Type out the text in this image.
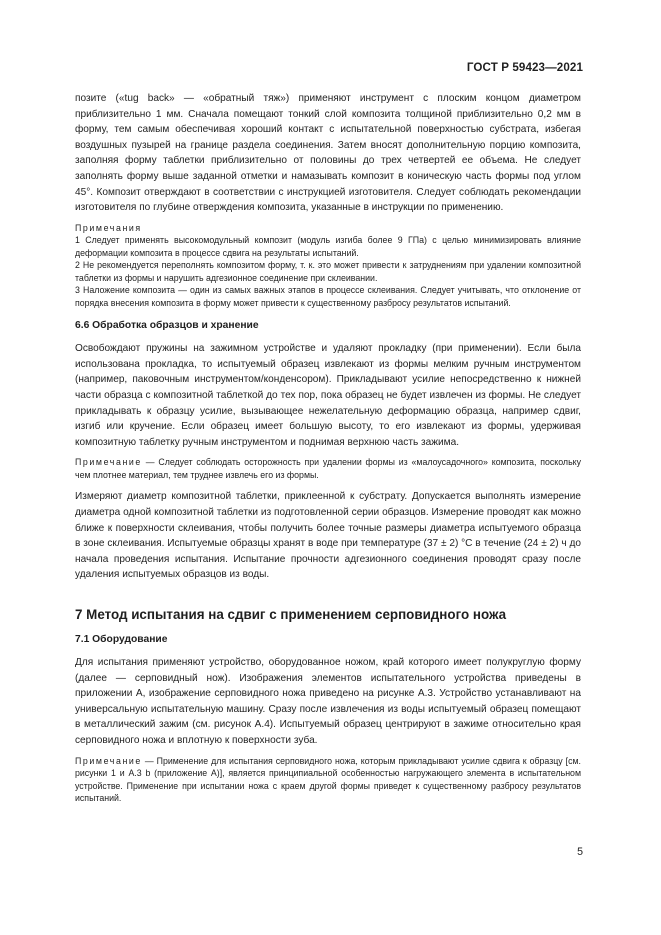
ГОСТ Р 59423—2021

позите («tug back» — «обратный тяж») применяют инструмент с плоским концом диаметром приблизительно 1 мм. Сначала помещают тонкий слой композита толщиной приблизительно 0,2 мм в форму, тем самым обеспечивая хороший контакт с испытательной поверхностью субстрата, избегая воздушных пузырей на границе раздела соединения. Затем вносят дополнительную порцию композита, заполняя форму таблетки приблизительно от половины до трех четвертей ее объема. Не следует заполнять форму выше заданной отметки и намазывать композит в коническую часть формы под углом 45°. Композит отверждают в соответствии с инструкцией изготовителя. Следует соблюдать рекомендации изготовителя по глубине отверждения композита, указанные в инструкции по применению.

Примечания

1 Следует применять высокомодульный композит (модуль изгиба более 9 ГПа) с целью минимизировать влияние деформации композита в процессе сдвига на результаты испытаний.

2 Не рекомендуется переполнять композитом форму, т. к. это может привести к затруднениям при удалении композитной таблетки из формы и нарушить адгезионное соединение при склеивании.

3 Наложение композита — один из самых важных этапов в процессе склеивания. Следует учитывать, что отклонение от порядка внесения композита в форму может привести к существенному разбросу результатов испытаний.

6.6 Обработка образцов и хранение

Освобождают пружины на зажимном устройстве и удаляют прокладку (при применении). Если была использована прокладка, то испытуемый образец извлекают из формы мелким ручным инструментом (например, паковочным инструментом/конденсором). Прикладывают усилие непосредственно к нижней части образца с композитной таблеткой до тех пор, пока образец не будет извлечен из формы. Не следует прикладывать к образцу усилие, вызывающее нежелательную деформацию образца, например сдвиг, изгиб или кручение. Если образец имеет большую высоту, то его извлекают из формы, удерживая композитную таблетку ручным инструментом и поднимая верхнюю часть зажима.

Примечание — Следует соблюдать осторожность при удалении формы из «малоусадочного» композита, поскольку чем плотнее материал, тем труднее извлечь его из формы.

Измеряют диаметр композитной таблетки, приклеенной к субстрату. Допускается выполнять измерение диаметра одной композитной таблетки из подготовленной серии образцов. Измерение проводят как можно ближе к поверхности склеивания, чтобы получить более точные размеры диаметра испытуемого образца в зоне склеивания. Испытуемые образцы хранят в воде при температуре (37 ± 2) °С в течение (24 ± 2) ч до начала проведения испытания. Испытание прочности адгезионного соединения проводят сразу после удаления испытуемых образцов из воды.

7 Метод испытания на сдвиг с применением серповидного ножа
7.1 Оборудование

Для испытания применяют устройство, оборудованное ножом, край которого имеет полукруглую форму (далее — серповидный нож). Изображения элементов испытательного устройства приведены в приложении А, изображение серповидного ножа приведено на рисунке А.3. Устройство устанавливают на универсальную испытательную машину. Сразу после извлечения из воды испытуемый образец помещают в металлический зажим (см. рисунок А.4). Испытуемый образец центрируют в зажиме относительно края серповидного ножа и вплотную к поверхности зуба.

Примечание — Применение для испытания серповидного ножа, которым прикладывают усилие сдвига к образцу [см. рисунки 1 и А.3 b (приложение А)], является принципиальной особенностью нагружающего элемента в испытательном устройстве. Применение при испытании ножа с краем другой формы приведет к существенному разбросу результатов испытаний.

5
